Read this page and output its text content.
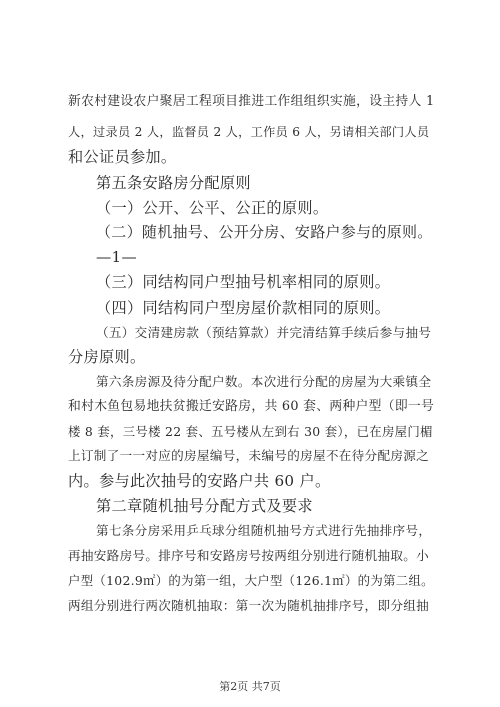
新农村建设农户聚居工程项目推进工作组组织实施，设主持人 1
人，过录员 2 人，监督员 2 人，工作员 6 人，另请相关部门人员
和公证员参加。
第五条安路房分配原则
（一）公开、公平、公正的原则。
（二）随机抽号、公开分房、安路户参与的原则。
—1—
（三）同结构同户型抽号机率相同的原则。
（四）同结构同户型房屋价款相同的原则。
（五）交清建房款（预结算款）并完清结算手续后参与抽号
分房原则。
第六条房源及待分配户数。本次进行分配的房屋为大乘镇全
和村木鱼包易地扶贫搬迁安路房，共 60 套、两种户型（即一号
楼 8 套，三号楼 22 套、五号楼从左到右 30 套），已在房屋门楣
上订制了一一对应的房屋编号，未编号的房屋不在待分配房源之
内。参与此次抽号的安路户共 60 户。
第二章随机抽号分配方式及要求
第七条分房采用乒乓球分组随机抽号方式进行先抽排序号，
再抽安路房号。排序号和安路房号按两组分别进行随机抽取。小
户型（102.9㎡）的为第一组，大户型（126.1㎡）的为第二组。
两组分别进行两次随机抽取：第一次为随机抽排序号，即分组抽
第2页 共7页
